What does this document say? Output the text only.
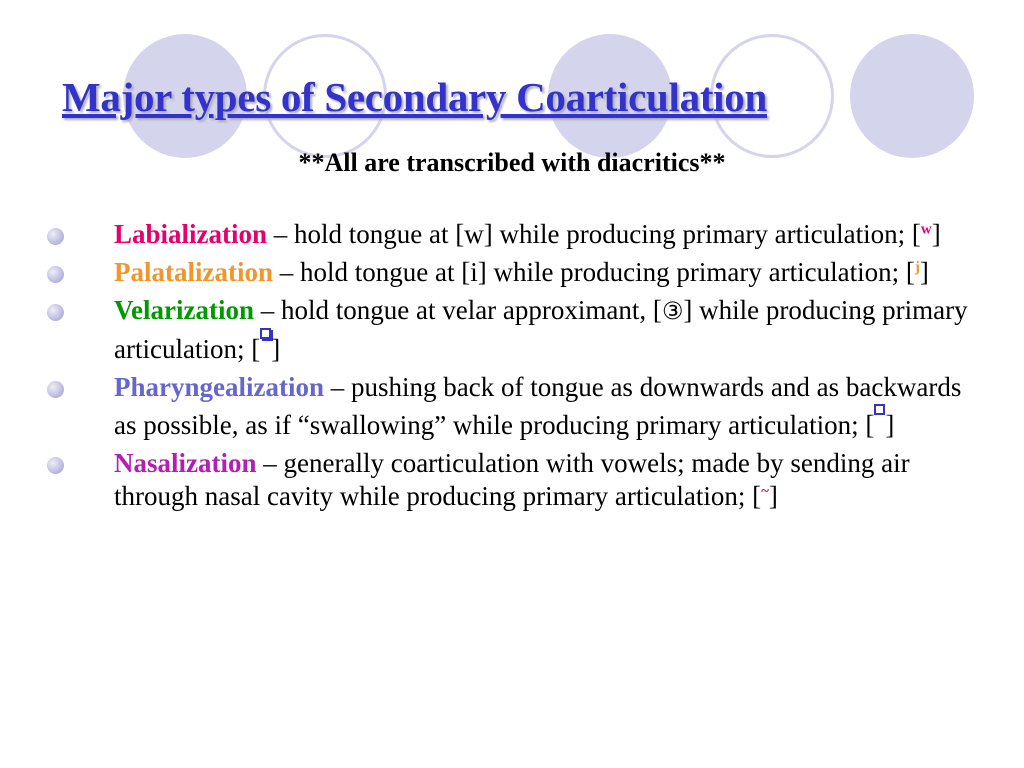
Major types of Secondary Coarticulation

**All are transcribed with diacritics**

Labialization – hold tongue at [w] while producing primary articulation; [$^w$]
Palatalization – hold tongue at [i] while producing primary articulation; [$^j$]
Velarization – hold tongue at velar approximant, [③] while producing primary articulation; [ ]
Pharyngealization – pushing back of tongue as downwards and as backwards as possible, as if “swallowing” while producing primary articulation; [ ]
Nasalization – generally coarticulation with vowels; made by sending air through nasal cavity while producing primary articulation; [~]
